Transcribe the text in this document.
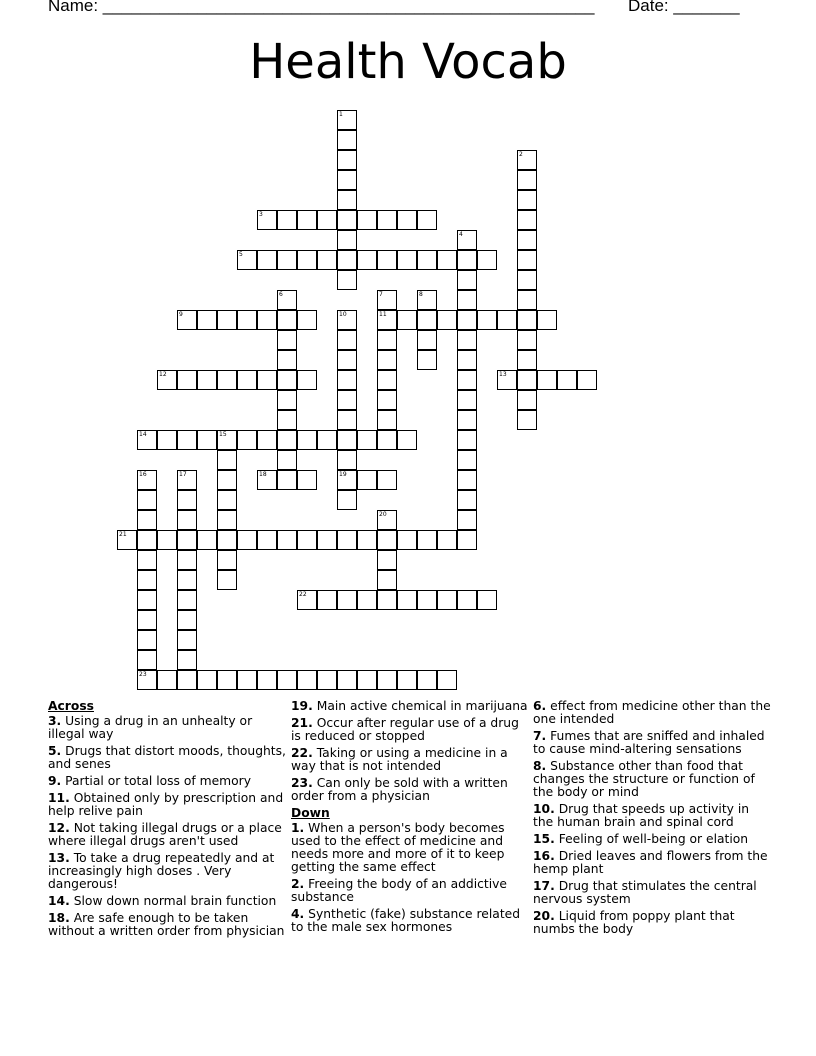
Name: ____________________________________________________ Date: _______
Health Vocab
1
2
3
4
5
6	7
11
8
9	10
19
12	13
14	15
16	17	18
20
21
22
23
Across

3. Using a drug in an unhealty or illegal way

5. Drugs that distort moods, thoughts, and senes

9. Partial or total loss of memory

11. Obtained only by prescription and help relive pain

12. Not taking illegal drugs or a place where illegal drugs aren't used

13. To take a drug repeatedly and at increasingly high doses . Very dangerous!

14. Slow down normal brain function

18. Are safe enough to be taken without a written order from physician

19. Main active chemical in marijuana

21. Occur after regular use of a drug is reduced or stopped

22. Taking or using a medicine in a way that is not intended

23. Can only be sold with a written order from a physician

Down

1. When a person's body becomes used to the effect of medicine and needs more and more of it to keep getting the same effect

2. Freeing the body of an addictive substance

4. Synthetic (fake) substance related to the male sex hormones

6. effect from medicine other than the one intended

7. Fumes that are sniffed and inhaled to cause mind-altering sensations

8. Substance other than food that changes the structure or function of the body or mind

10. Drug that speeds up activity in the human brain and spinal cord

15. Feeling of well-being or elation

16. Dried leaves and flowers from the hemp plant

17. Drug that stimulates the central nervous system

20. Liquid from poppy plant that numbs the body
